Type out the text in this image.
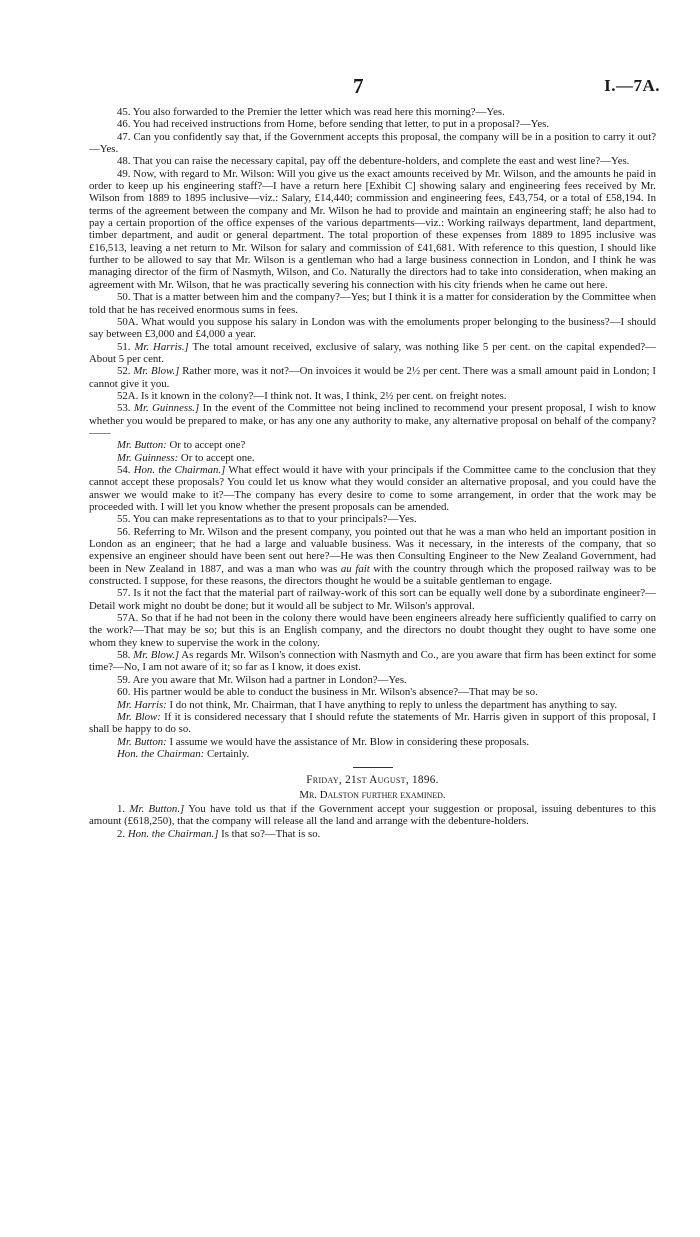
7	I.—7A.

45. You also forwarded to the Premier the letter which was read here this morning?—Yes.

46. You had received instructions from Home, before sending that letter, to put in a proposal?—Yes.

47. Can you confidently say that, if the Government accepts this proposal, the company will be in a position to carry it out?—Yes.

48. That you can raise the necessary capital, pay off the debenture-holders, and complete the east and west line?—Yes.

49. Now, with regard to Mr. Wilson: Will you give us the exact amounts received by Mr. Wilson, and the amounts he paid in order to keep up his engineering staff?—I have a return here [Exhibit C] showing salary and engineering fees received by Mr. Wilson from 1889 to 1895 inclusive—viz.: Salary, £14,440; commission and engineering fees, £43,754, or a total of £58,194. In terms of the agreement between the company and Mr. Wilson he had to provide and maintain an engineering staff; he also had to pay a certain proportion of the office expenses of the various departments—viz.: Working railways department, land department, timber department, and audit or general department. The total proportion of these expenses from 1889 to 1895 inclusive was £16,513, leaving a net return to Mr. Wilson for salary and commission of £41,681. With reference to this question, I should like further to be allowed to say that Mr. Wilson is a gentleman who had a large business connection in London, and I think he was managing director of the firm of Nasmyth, Wilson, and Co. Naturally the directors had to take into consideration, when making an agreement with Mr. Wilson, that he was practically severing his connection with his city friends when he came out here.

50. That is a matter between him and the company?—Yes; but I think it is a matter for consideration by the Committee when told that he has received enormous sums in fees.

50A. What would you suppose his salary in London was with the emoluments proper belonging to the business?—I should say between £3,000 and £4,000 a year.

51. Mr. Harris.] The total amount received, exclusive of salary, was nothing like 5 per cent. on the capital expended?—About 5 per cent.

52. Mr. Blow.] Rather more, was it not?—On invoices it would be 2½ per cent. There was a small amount paid in London; I cannot give it you.

52A. Is it known in the colony?—I think not. It was, I think, 2½ per cent. on freight notes.

53. Mr. Guinness.] In the event of the Committee not being inclined to recommend your present proposal, I wish to know whether you would be prepared to make, or has any one any authority to make, any alternative proposal on behalf of the company?——

Mr. Button: Or to accept one?

Mr. Guinness: Or to accept one.

54. Hon. the Chairman.] What effect would it have with your principals if the Committee came to the conclusion that they cannot accept these proposals? You could let us know what they would consider an alternative proposal, and you could have the answer we would make to it?—The company has every desire to come to some arrangement, in order that the work may be proceeded with. I will let you know whether the present proposals can be amended.

55. You can make representations as to that to your principals?—Yes.

56. Referring to Mr. Wilson and the present company, you pointed out that he was a man who held an important position in London as an engineer; that he had a large and valuable business. Was it necessary, in the interests of the company, that so expensive an engineer should have been sent out here?—He was then Consulting Engineer to the New Zealand Government, had been in New Zealand in 1887, and was a man who was au fait with the country through which the proposed railway was to be constructed. I suppose, for these reasons, the directors thought he would be a suitable gentleman to engage.

57. Is it not the fact that the material part of railway-work of this sort can be equally well done by a subordinate engineer?—Detail work might no doubt be done; but it would all be subject to Mr. Wilson's approval.

57A. So that if he had not been in the colony there would have been engineers already here sufficiently qualified to carry on the work?—That may be so; but this is an English company, and the directors no doubt thought they ought to have some one whom they knew to supervise the work in the colony.

58. Mr. Blow.] As regards Mr. Wilson's connection with Nasmyth and Co., are you aware that firm has been extinct for some time?—No, I am not aware of it; so far as I know, it does exist.

59. Are you aware that Mr. Wilson had a partner in London?—Yes.

60. His partner would be able to conduct the business in Mr. Wilson's absence?—That may be so.

Mr. Harris: I do not think, Mr. Chairman, that I have anything to reply to unless the department has anything to say.

Mr. Blow: If it is considered necessary that I should refute the statements of Mr. Harris given in support of this proposal, I shall be happy to do so.

Mr. Button: I assume we would have the assistance of Mr. Blow in considering these proposals.

Hon. the Chairman: Certainly.

Friday, 21st August, 1896.

Mr. Dalston further examined.

1. Mr. Button.] You have told us that if the Government accept your suggestion or proposal, issuing debentures to this amount (£618,250), that the company will release all the land and arrange with the debenture-holders.

2. Hon. the Chairman.] Is that so?—That is so.
